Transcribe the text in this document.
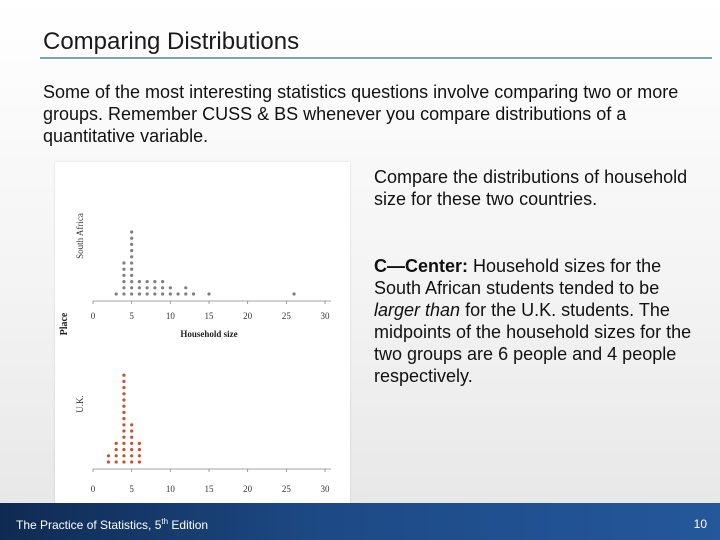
Comparing Distributions
Some of the most interesting statistics questions involve comparing two or more groups. Remember CUSS & BS whenever you compare distributions of a quantitative variable.
0	5	10	15	20	25	30
Household size
South Africa
0	5	10	15	20	25	30
U.K.
Place
Compare the distributions of household size for these two countries.
C—Center: Household sizes for the South African students tended to be larger than for the U.K. students. The midpoints of the household sizes for the two groups are 6 people and 4 people respectively.
The Practice of Statistics, 5th Edition	10
